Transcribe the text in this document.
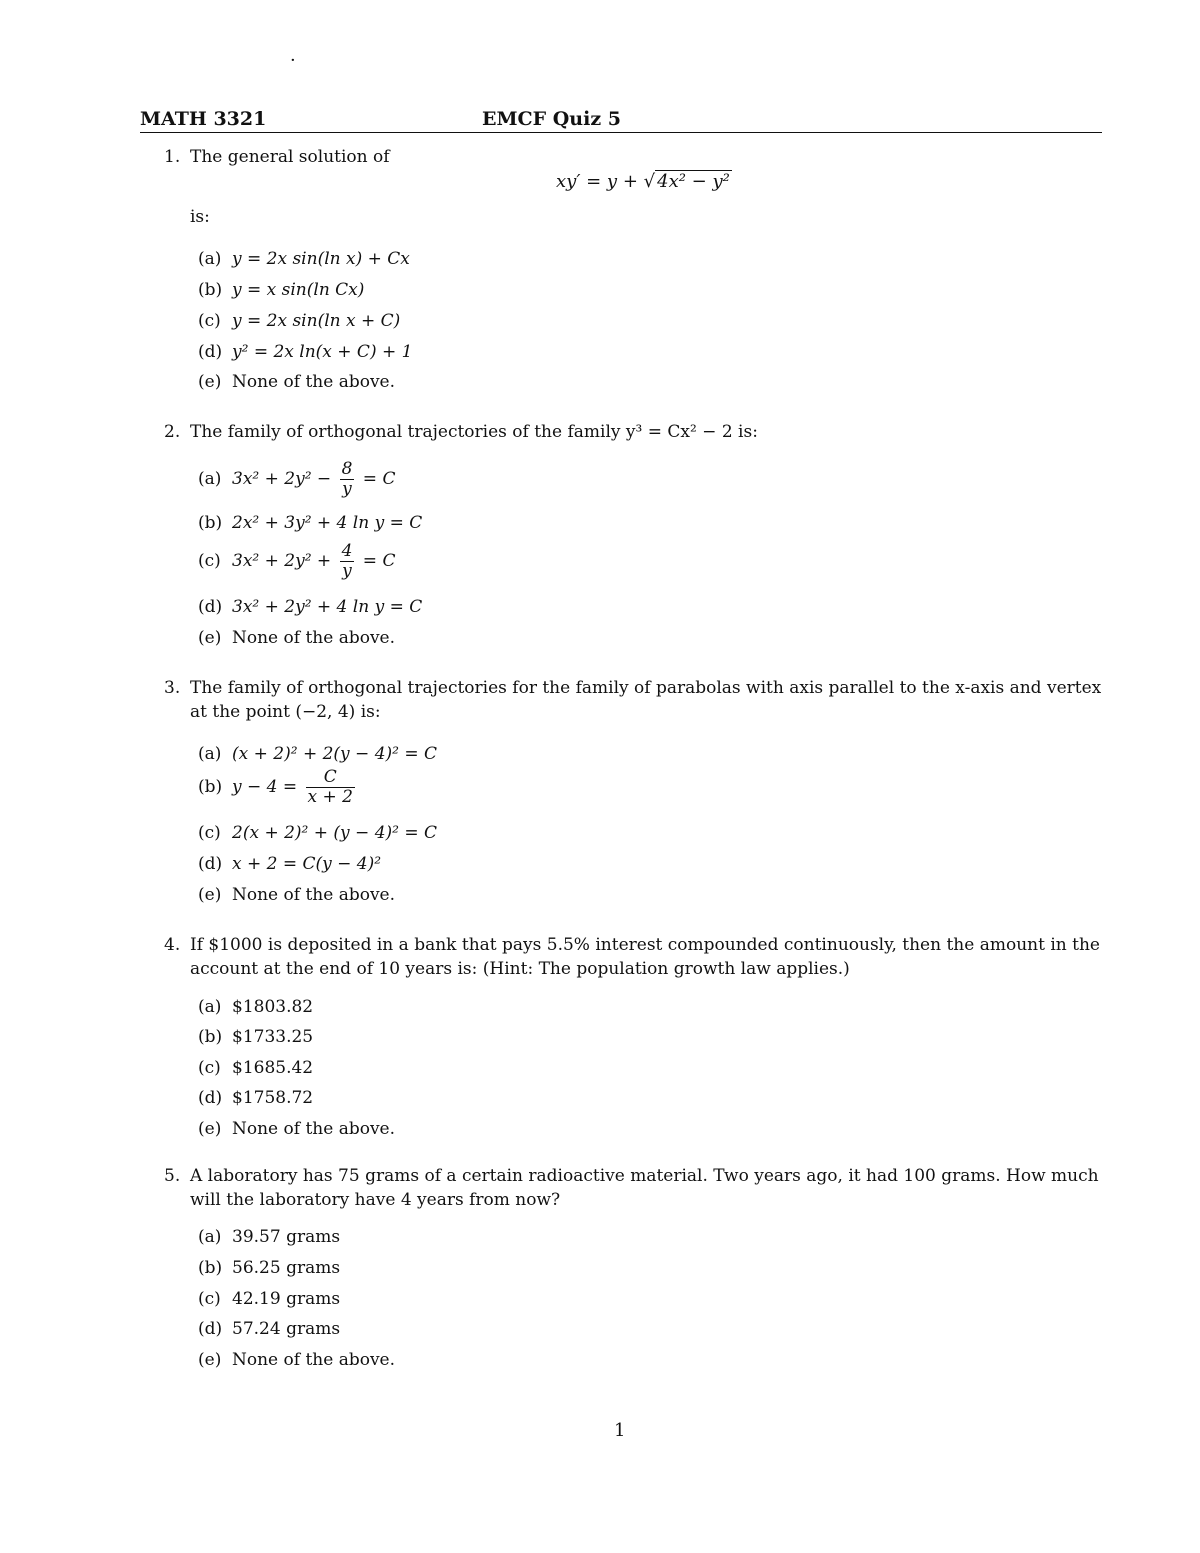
·
MATH 3321	EMCF Quiz 5
1. The general solution of
xy′ = y + √ 4x² − y²
is:
(a) y = 2x sin(ln x) + Cx
(b) y = x sin(ln Cx)
(c) y = 2x sin(ln x + C)
(d) y² = 2x ln(x + C) + 1
(e) None of the above.
2. The family of orthogonal trajectories of the family y³ = Cx² − 2 is:
(a) $3x^2 + 2y^2 - \frac{8}{y} = C$
(b) 2x² + 3y² + 4 ln y = C
(c) $3x^2 + 2y^2 + \frac{4}{y} = C$
(d) 3x² + 2y² + 4 ln y = C
(e) None of the above.
3. The family of orthogonal trajectories for the family of parabolas with axis parallel to the x-axis and vertex at the point (−2, 4) is:
(a) (x + 2)² + 2(y − 4)² = C
(b) $y - 4 = \frac{C}{x + 2}$
(c) 2(x + 2)² + (y − 4)² = C
(d) x + 2 = C(y − 4)²
(e) None of the above.
4. If $1000 is deposited in a bank that pays 5.5% interest compounded continuously, then the amount in the account at the end of 10 years is: (Hint: The population growth law applies.)
(a) $1803.82
(b) $1733.25
(c) $1685.42
(d) $1758.72
(e) None of the above.
5. A laboratory has 75 grams of a certain radioactive material. Two years ago, it had 100 grams. How much will the laboratory have 4 years from now?
(a) 39.57 grams
(b) 56.25 grams
(c) 42.19 grams
(d) 57.24 grams
(e) None of the above.
1
